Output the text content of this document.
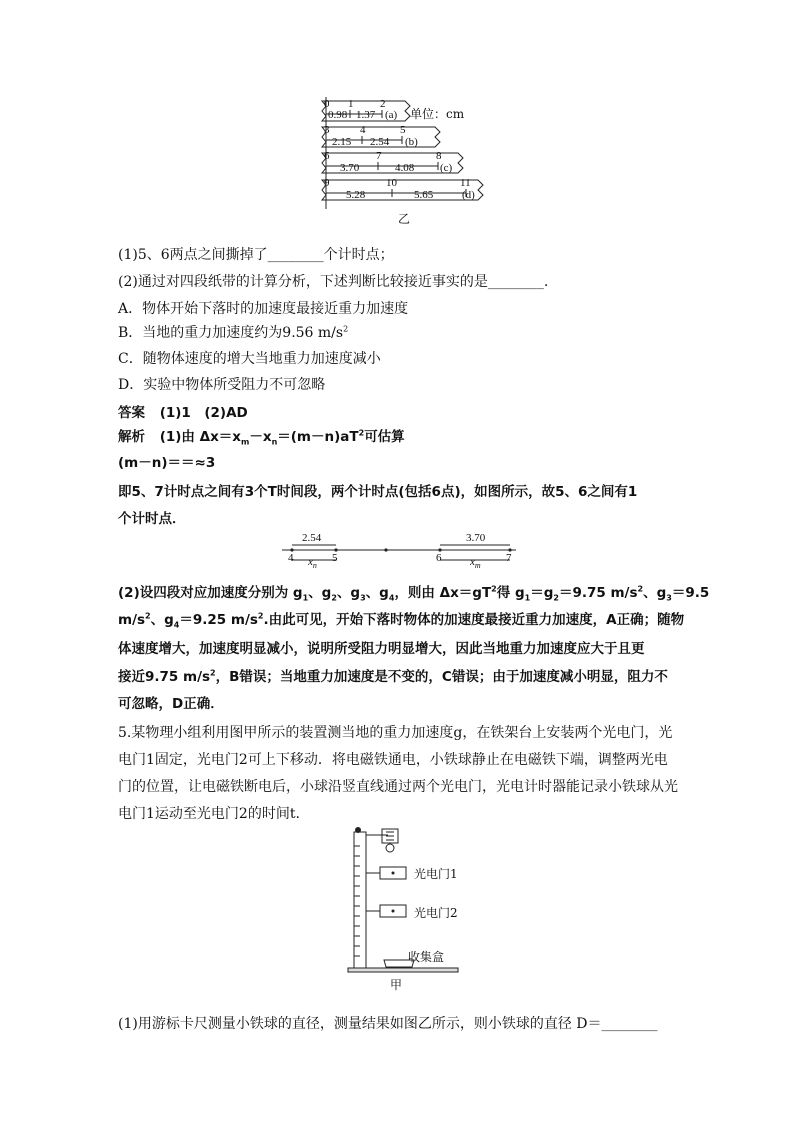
0 1 2
0.98 1.37 (a) 单位：cm
3	4	5
2.15 2.54 (b)
6	7	8
3.70	4.08 (c)
9	10	11
5.28	5.65	(d)
乙
(1)5、6两点之间撕掉了________个计时点；
(2)通过对四段纸带的计算分析，下述判断比较接近事实的是________.
A．物体开始下落时的加速度最接近重力加速度
B．当地的重力加速度约为9.56 $m/s^2$
C．随物体速度的增大当地重力加速度减小
D．实验中物体所受阻力不可忽略
答案 (1)1　(2)AD
解析 (1)由 $\Delta x=x_m-x_n=(m-n)aT^2$可估算
(m－n)＝＝≈3
即5、7计时点之间有3个T时间段，两个计时点(包括6点)，如图所示，故5、6之间有1
个计时点．
2.54	3.70
4	5	6	7
$x_n$	$x_m$
(2)设四段对应加速度分别为 $g_1$、$g_2$、$g_3$、$g_4$，则由 $\Delta x=gT^2$得 $g_1=g_2=9.75$ $m/s^2$、$g_3=9.5$
$m/s^2$、$g_4=9.25$ $m/s^2$.由此可见，开始下落时物体的加速度最接近重力加速度，A正确；随物
体速度增大，加速度明显减小，说明所受阻力明显增大，因此当地重力加速度应大于且更
接近9.75 $m/s^2$，B错误；当地重力加速度是不变的，C错误；由于加速度减小明显，阻力不
可忽略，D正确．
5.某物理小组利用图甲所示的装置测当地的重力加速度g，在铁架台上安装两个光电门，光
电门1固定，光电门2可上下移动．将电磁铁通电，小铁球静止在电磁铁下端，调整两光电
门的位置，让电磁铁断电后，小球沿竖直线通过两个光电门，光电计时器能记录小铁球从光
电门1运动至光电门2的时间t.
光电门1
光电门2
收集盒
甲
(1)用游标卡尺测量小铁球的直径，测量结果如图乙所示，则小铁球的直径 D＝________
